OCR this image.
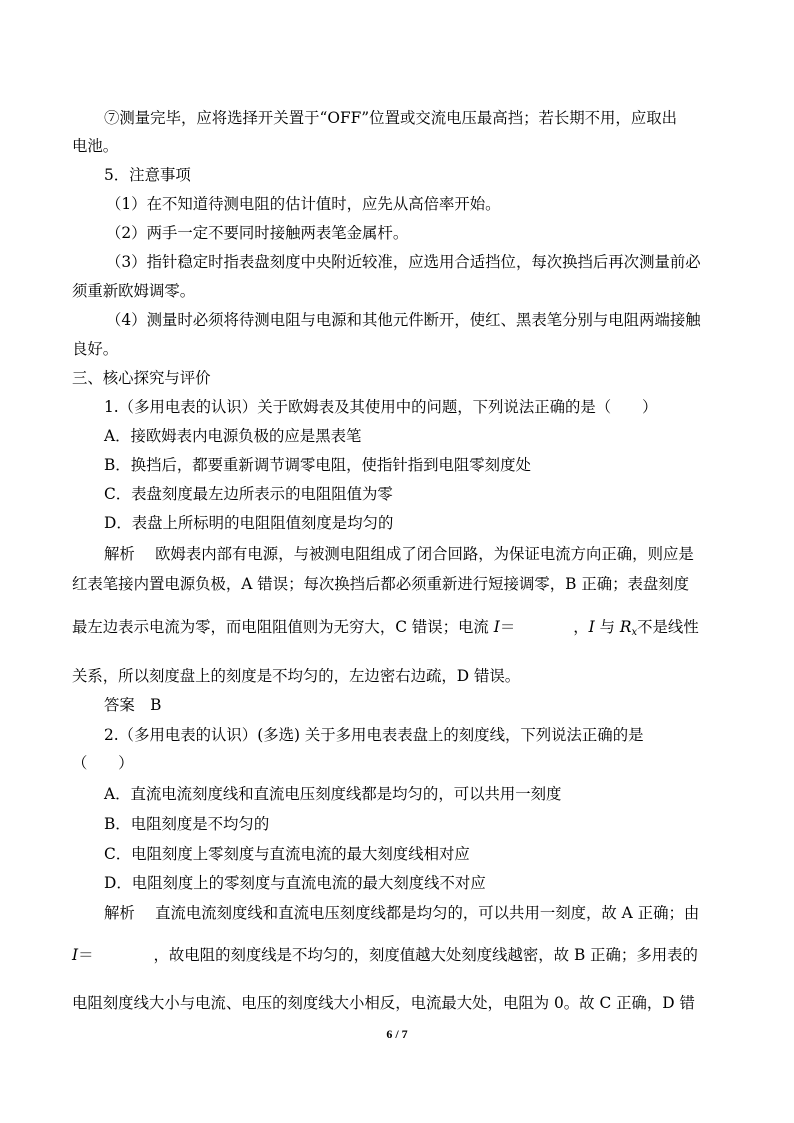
⑦测量完毕，应将选择开关置于“OFF”位置或交流电压最高挡；若长期不用，应取出
电池。
5．注意事项
（1）在不知道待测电阻的估计值时，应先从高倍率开始。
（2）两手一定不要同时接触两表笔金属杆。
（3）指针稳定时指表盘刻度中央附近较准，应选用合适挡位，每次换挡后再次测量前必
须重新欧姆调零。
（4）测量时必须将待测电阻与电源和其他元件断开，使红、黑表笔分别与电阻两端接触
良好。
三、核心探究与评价
1.（多用电表的认识）关于欧姆表及其使用中的问题，下列说法正确的是（　　）
A．接欧姆表内电源负极的应是黑表笔
B．换挡后，都要重新调节调零电阻，使指针指到电阻零刻度处
C．表盘刻度最左边所表示的电阻阻值为零
D．表盘上所标明的电阻阻值刻度是均匀的
解析　 欧姆表内部有电源，与被测电阻组成了闭合回路，为保证电流方向正确，则应是
红表笔接内置电源负极，A 错误；每次换挡后都必须重新进行短接调零，B 正确；表盘刻度
最左边表示电流为零，而电阻阻值则为无穷大，C 错误；电流 I＝	，I 与 Rx不是线性
关系，所以刻度盘上的刻度是不均匀的，左边密右边疏，D 错误。
答案　B
2.（多用电表的认识）(多选) 关于多用电表表盘上的刻度线，下列说法正确的是
（　　）
A．直流电流刻度线和直流电压刻度线都是均匀的，可以共用一刻度
B．电阻刻度是不均匀的
C．电阻刻度上零刻度与直流电流的最大刻度线相对应
D．电阻刻度上的零刻度与直流电流的最大刻度线不对应
解析　 直流电流刻度线和直流电压刻度线都是均匀的，可以共用一刻度，故 A 正确；由
I＝	，故电阻的刻度线是不均匀的，刻度值越大处刻度线越密，故 B 正确；多用表的
电阻刻度线大小与电流、电压的刻度线大小相反，电流最大处，电阻为 0。故 C 正确，D 错
6 / 7
